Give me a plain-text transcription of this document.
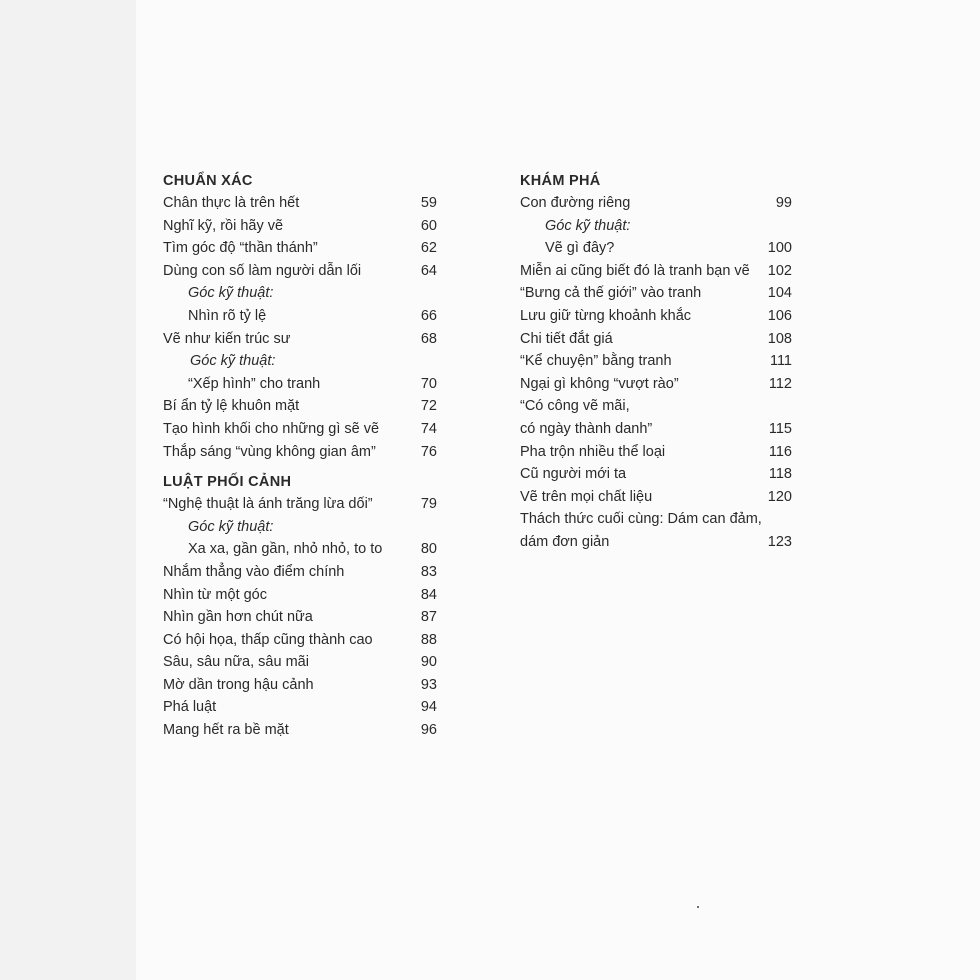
CHUẨN XÁC
Chân thực là trên hết	59
Nghĩ kỹ, rồi hãy vẽ	60
Tìm góc độ “thần thánh”	62
Dùng con số làm người dẫn lối	64
Góc kỹ thuật:
Nhìn rõ tỷ lệ	66
Vẽ như kiến trúc sư	68
Góc kỹ thuật:
“Xếp hình” cho tranh	70
Bí ẩn tỷ lệ khuôn mặt	72
Tạo hình khối cho những gì sẽ vẽ	74
Thắp sáng “vùng không gian âm”	76
LUẬT PHỐI CẢNH
“Nghệ thuật là ánh trăng lừa dối”	79
Góc kỹ thuật:
Xa xa, gần gần, nhỏ nhỏ, to to	80
Nhắm thẳng vào điểm chính	83
Nhìn từ một góc	84
Nhìn gần hơn chút nữa	87
Có hội họa, thấp cũng thành cao	88
Sâu, sâu nữa, sâu mãi	90
Mờ dần trong hậu cảnh	93
Phá luật	94
Mang hết ra bề mặt	96
KHÁM PHÁ
Con đường riêng	99
Góc kỹ thuật:
Vẽ gì đây?	100
Miễn ai cũng biết đó là tranh bạn vẽ 102
“Bưng cả thế giới” vào tranh	104
Lưu giữ từng khoảnh khắc	106
Chi tiết đắt giá	108
“Kể chuyện” bằng tranh	111
Ngại gì không “vượt rào”	112
“Có công vẽ mãi,
có ngày thành danh”	115
Pha trộn nhiều thể loại	116
Cũ người mới ta	118
Vẽ trên mọi chất liệu	120
Thách thức cuối cùng: Dám can đảm,
dám đơn giản	123
